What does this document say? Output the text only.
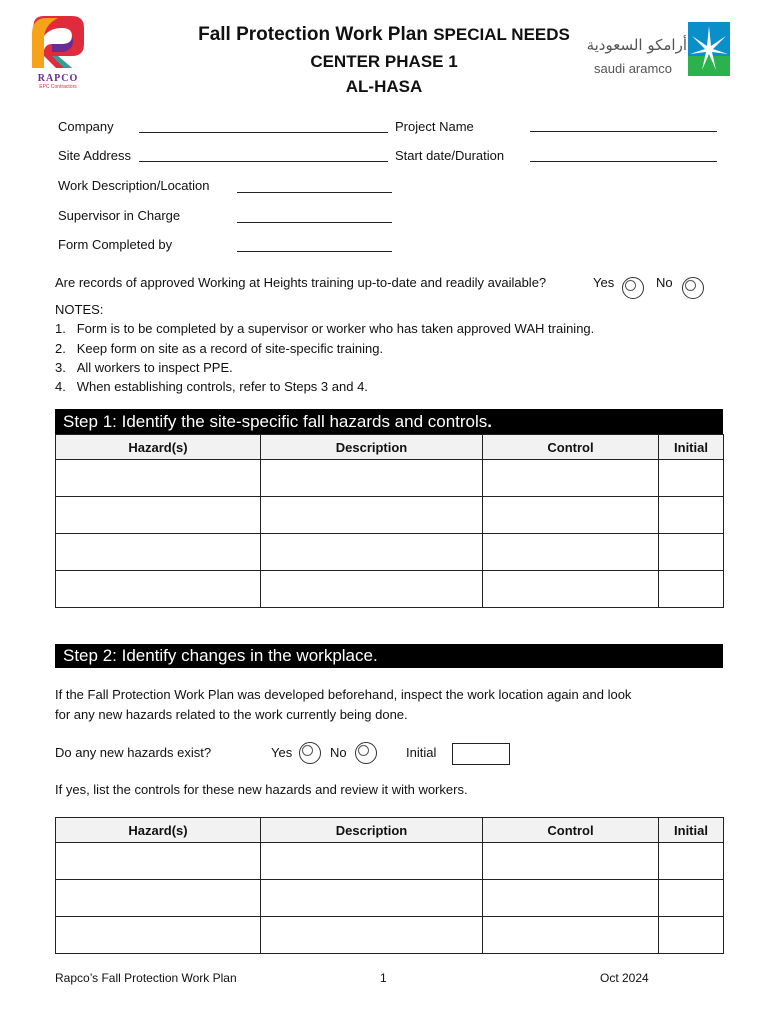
RAPCO
EPC Contractors
Fall Protection Work Plan SPECIAL NEEDS
CENTER PHASE 1
AL-HASA
أرامكو السعودية
saudi aramco
Company	Project Name
Site Address	Start date/Duration
Work Description/Location
Supervisor in Charge
Form Completed by
Are records of approved Working at Heights training up-to-date and readily available?	Yes	No
NOTES:
1.   Form is to be completed by a supervisor or worker who has taken approved WAH training.
2.   Keep form on site as a record of site-specific training.
3.   All workers to inspect PPE.
4.   When establishing controls, refer to Steps 3 and 4.
Step 1: Identify the site-specific fall hazards and controls.
Hazard(s)	Description	Control	Initial

Step 2: Identify changes in the workplace.
If the Fall Protection Work Plan was developed beforehand, inspect the work location again and look
for any new hazards related to the work currently being done.
Do any new hazards exist?	Yes	No	Initial
If yes, list the controls for these new hazards and review it with workers.
Hazard(s)	Description	Control	Initial

Rapco’s Fall Protection Work Plan	1	Oct 2024
